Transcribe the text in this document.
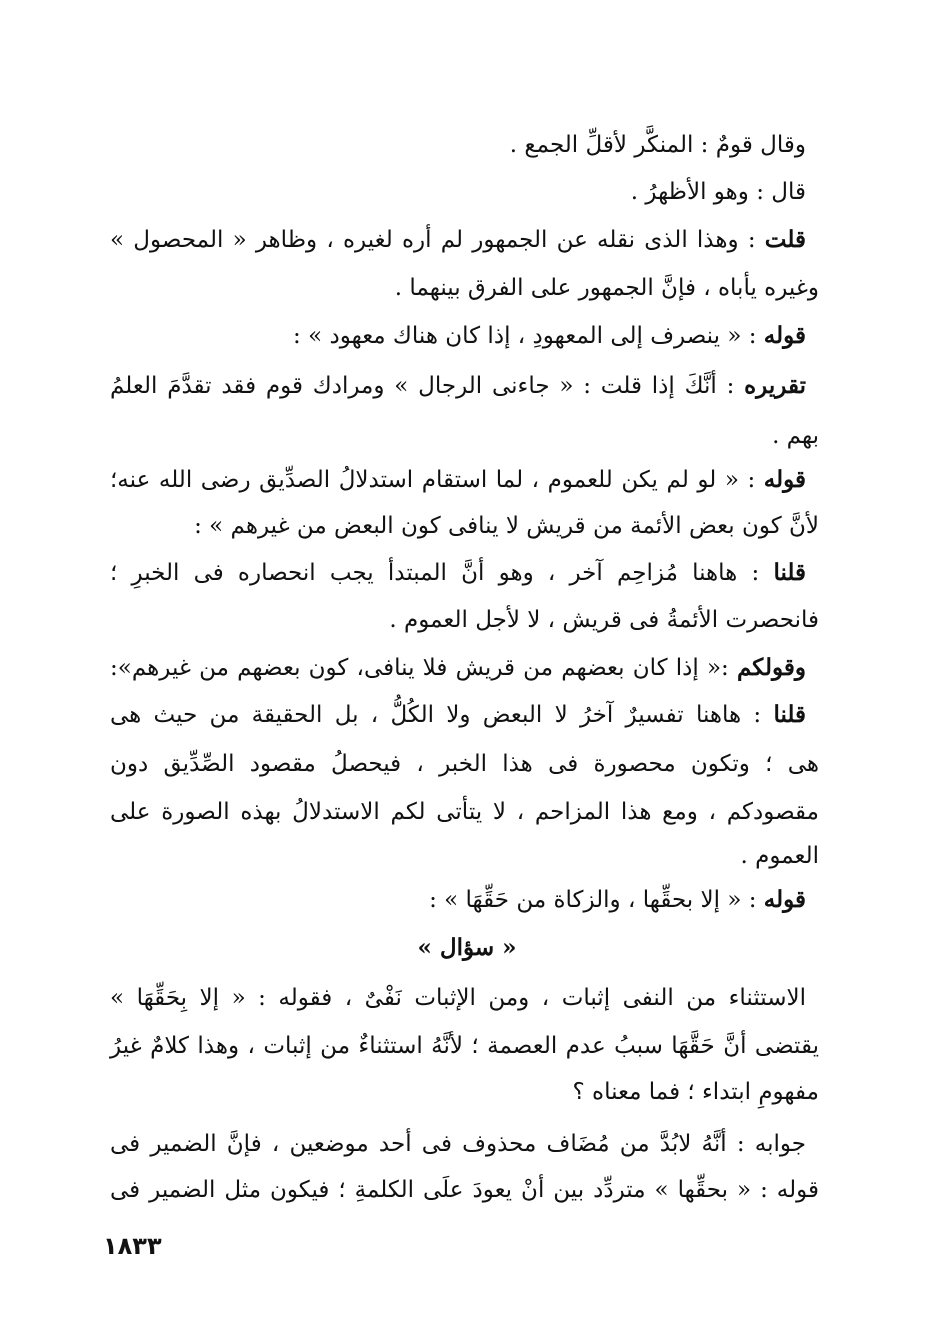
وقال قومٌ : المنكَّر لأقلِّ الجمع .
قال : وهو الأظهرُ .
قلت : وهذا الذى نقله عن الجمهور لم أره لغيره ، وظاهر « المحصول »
وغيره يأباه ، فإنَّ الجمهور على الفرق بينهما .
قوله : « ينصرف إلى المعهودِ ، إذا كان هناك معهود » :
تقريره : أنَّكَ إذا قلت : « جاءنى الرجال » ومرادك قوم فقد تقدَّمَ العلمُ
بهم .
قوله : « لو لم يكن للعموم ، لما استقام استدلالُ الصدِّيق رضى الله عنه؛
لأنَّ كون بعض الأئمة من قريش لا ينافى كون البعض من غيرهم » :
قلنا : هاهنا مُزاحِم آخر ، وهو أنَّ المبتدأ يجب انحصاره فى الخبرِ ؛
فانحصرت الأئمةُ فى قريش ، لا لأجل العموم .
وقولكم :« إذا كان بعضهم من قريش فلا ينافى، كون بعضهم من غيرهم»:
قلنا : هاهنا تفسيرٌ آخرُ لا البعض ولا الكُلُّ ، بل الحقيقة من حيث هى
هى ؛ وتكون محصورة فى هذا الخبر ، فيحصلُ مقصود الصِّدِّيق دون
مقصودكم ، ومع هذا المزاحم ، لا يتأتى لكم الاستدلالُ بهذه الصورة على
العموم .
قوله : « إلا بحقِّها ، والزكاة من حَقِّهَا » :
« سؤال »
الاستثناء من النفى إثبات ، ومن الإثبات نَفْىٌ ، فقوله : « إلا بِحَقِّهَا »
يقتضى أنَّ حَقَّهَا سببُ عدم العصمة ؛ لأنَّهُ استثناءٌ من إثبات ، وهذا كلامٌ غيرُ
مفهومِ ابتداء ؛ فما معناه ؟
جوابه : أنَّهُ لابُدَّ من مُضَاف محذوف فى أحد موضعين ، فإنَّ الضمير فى
قوله : « بحقِّها » متردِّد بين أنْ يعودَ علَى الكلمةِ ؛ فيكون مثل الضمير فى
١٨٣٣
